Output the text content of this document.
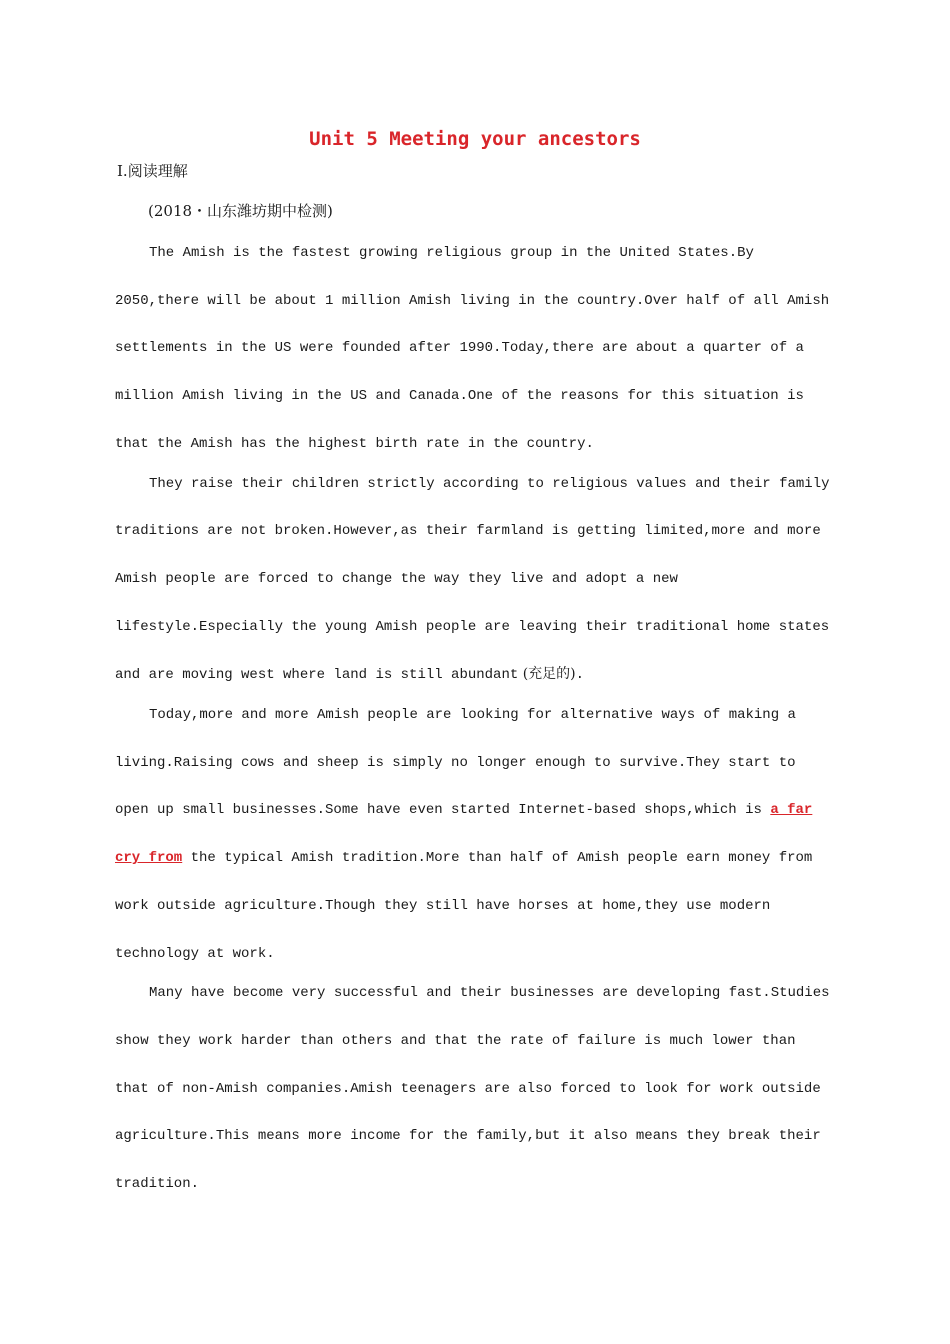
Unit 5 Meeting your ancestors
Ⅰ.阅读理解
(2018・山东潍坊期中检测)

The Amish is the fastest growing religious group in the United States.By 2050,there will be about 1 million Amish living in the country.Over half of all Amish settlements in the US were founded after 1990.Today,there are about a quarter of a million Amish living in the US and Canada.One of the reasons for this situation is that the Amish has the highest birth rate in the country.

They raise their children strictly according to religious values and their family traditions are not broken.However,as their farmland is getting limited,more and more Amish people are forced to change the way they live and adopt a new lifestyle.Especially the young Amish people are leaving their traditional home states and are moving west where land is still abundant (充足的).

Today,more and more Amish people are looking for alternative ways of making a living.Raising cows and sheep is simply no longer enough to survive.They start to open up small businesses.Some have even started Internet-based shops,which is a far cry from the typical Amish tradition.More than half of Amish people earn money from work outside agriculture.Though they still have horses at home,they use modern technology at work.

Many have become very successful and their businesses are developing fast.Studies show they work harder than others and that the rate of failure is much lower than that of non-Amish companies.Amish teenagers are also forced to look for work outside agriculture.This means more income for the family,but it also means they break their tradition.
